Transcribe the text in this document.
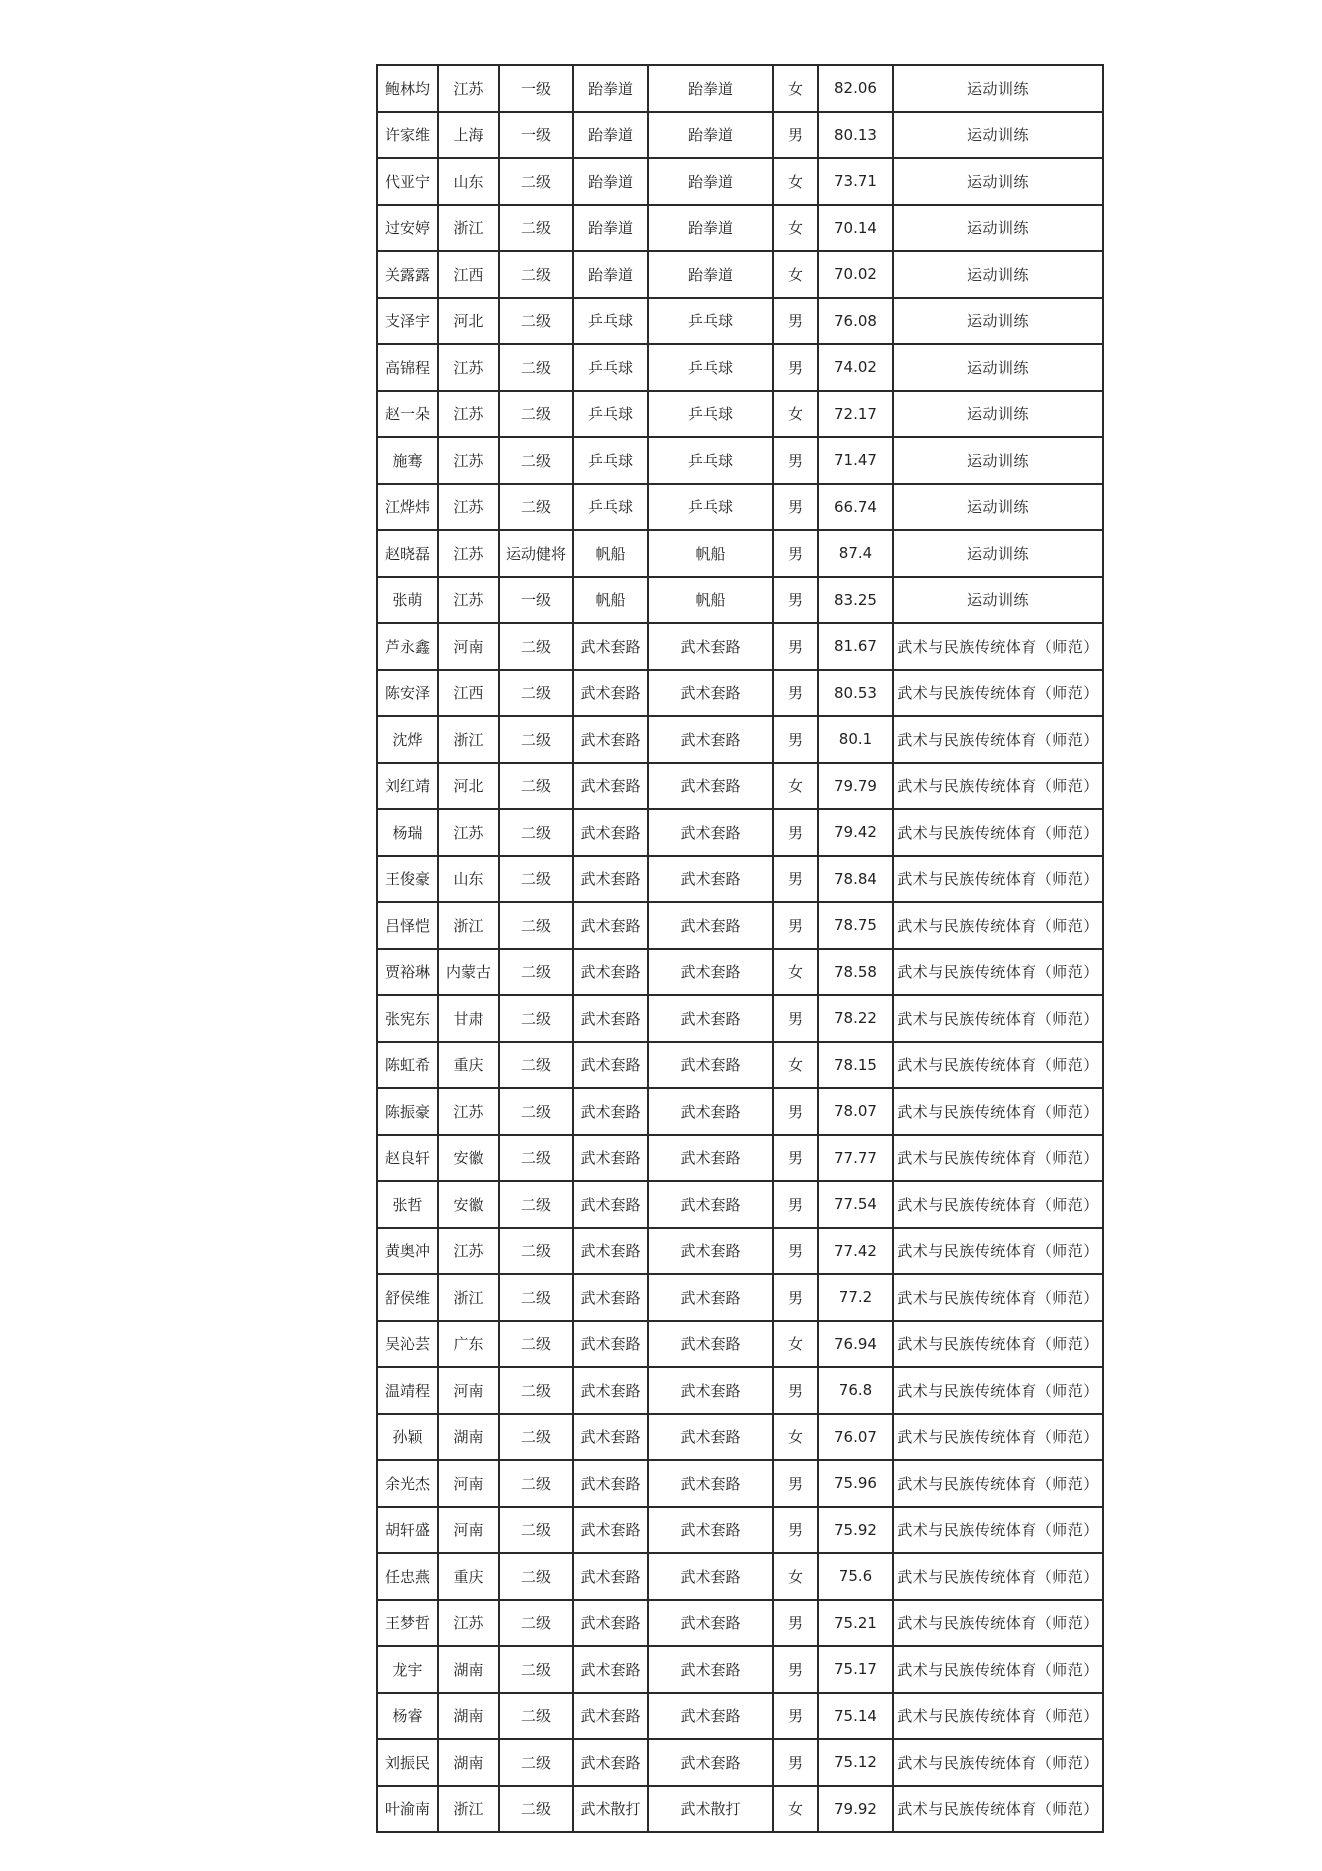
鲍林均	江苏	一级	跆拳道	跆拳道	女	82.06	运动训练
许家维	上海	一级	跆拳道	跆拳道	男	80.13	运动训练
代亚宁	山东	二级	跆拳道	跆拳道	女	73.71	运动训练
过安婷	浙江	二级	跆拳道	跆拳道	女	70.14	运动训练
关露露	江西	二级	跆拳道	跆拳道	女	70.02	运动训练
支泽宇	河北	二级	乒乓球	乒乓球	男	76.08	运动训练
高锦程	江苏	二级	乒乓球	乒乓球	男	74.02	运动训练
赵一朵	江苏	二级	乒乓球	乒乓球	女	72.17	运动训练
施骞	江苏	二级	乒乓球	乒乓球	男	71.47	运动训练
江烨炜	江苏	二级	乒乓球	乒乓球	男	66.74	运动训练
赵晓磊	江苏	运动健将	帆船	帆船	男	87.4	运动训练
张萌	江苏	一级	帆船	帆船	男	83.25	运动训练
芦永鑫	河南	二级	武术套路	武术套路	男	81.67	武术与民族传统体育（师范）
陈安泽	江西	二级	武术套路	武术套路	男	80.53	武术与民族传统体育（师范）
沈烨	浙江	二级	武术套路	武术套路	男	80.1	武术与民族传统体育（师范）
刘红靖	河北	二级	武术套路	武术套路	女	79.79	武术与民族传统体育（师范）
杨瑞	江苏	二级	武术套路	武术套路	男	79.42	武术与民族传统体育（师范）
王俊豪	山东	二级	武术套路	武术套路	男	78.84	武术与民族传统体育（师范）
吕怿恺	浙江	二级	武术套路	武术套路	男	78.75	武术与民族传统体育（师范）
贾裕琳	内蒙古	二级	武术套路	武术套路	女	78.58	武术与民族传统体育（师范）
张宪东	甘肃	二级	武术套路	武术套路	男	78.22	武术与民族传统体育（师范）
陈虹希	重庆	二级	武术套路	武术套路	女	78.15	武术与民族传统体育（师范）
陈振豪	江苏	二级	武术套路	武术套路	男	78.07	武术与民族传统体育（师范）
赵良轩	安徽	二级	武术套路	武术套路	男	77.77	武术与民族传统体育（师范）
张哲	安徽	二级	武术套路	武术套路	男	77.54	武术与民族传统体育（师范）
黄奥冲	江苏	二级	武术套路	武术套路	男	77.42	武术与民族传统体育（师范）
舒侯维	浙江	二级	武术套路	武术套路	男	77.2	武术与民族传统体育（师范）
吴沁芸	广东	二级	武术套路	武术套路	女	76.94	武术与民族传统体育（师范）
温靖程	河南	二级	武术套路	武术套路	男	76.8	武术与民族传统体育（师范）
孙颖	湖南	二级	武术套路	武术套路	女	76.07	武术与民族传统体育（师范）
余光杰	河南	二级	武术套路	武术套路	男	75.96	武术与民族传统体育（师范）
胡轩盛	河南	二级	武术套路	武术套路	男	75.92	武术与民族传统体育（师范）
任忠燕	重庆	二级	武术套路	武术套路	女	75.6	武术与民族传统体育（师范）
王梦哲	江苏	二级	武术套路	武术套路	男	75.21	武术与民族传统体育（师范）
龙宇	湖南	二级	武术套路	武术套路	男	75.17	武术与民族传统体育（师范）
杨睿	湖南	二级	武术套路	武术套路	男	75.14	武术与民族传统体育（师范）
刘振民	湖南	二级	武术套路	武术套路	男	75.12	武术与民族传统体育（师范）
叶渝南	浙江	二级	武术散打	武术散打	女	79.92	武术与民族传统体育（师范）
